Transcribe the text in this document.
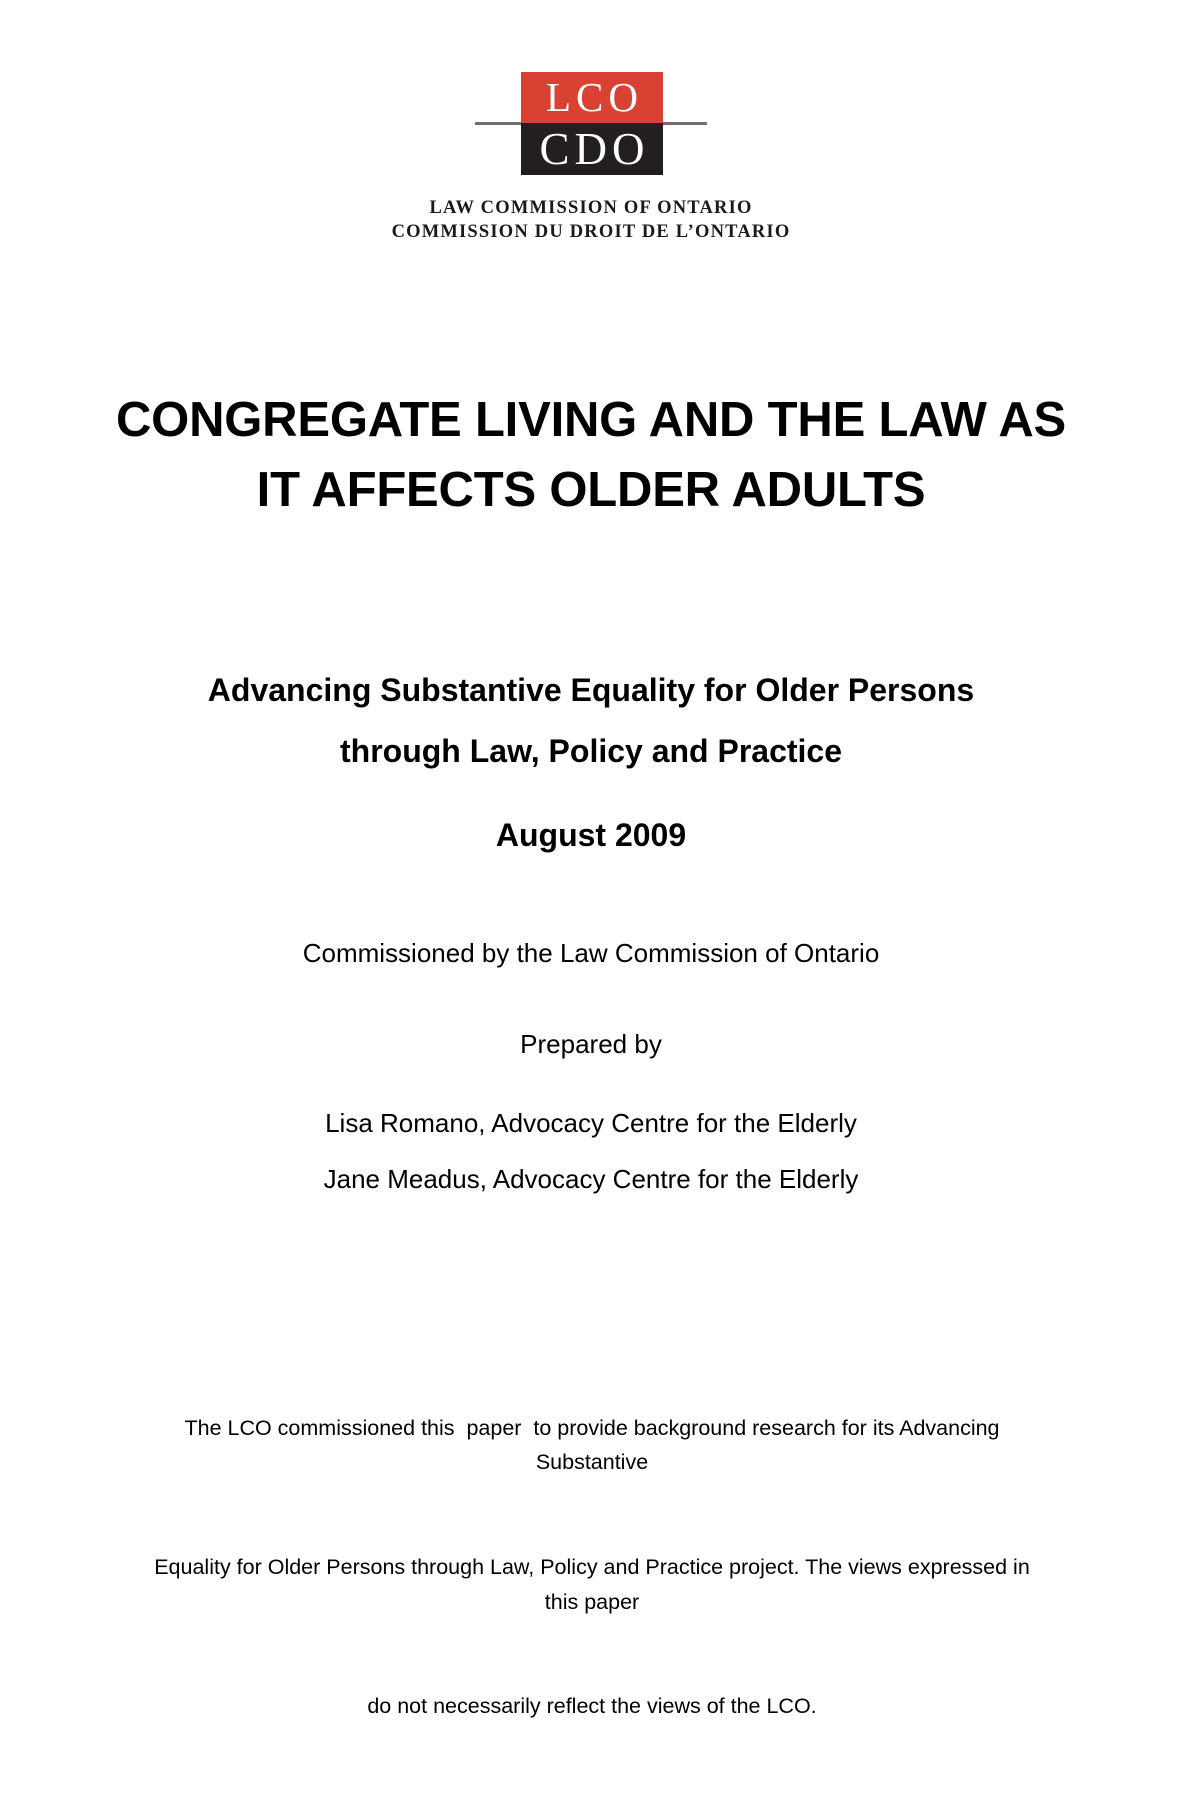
LCO
CDO
LAW COMMISSION OF ONTARIO
COMMISSION DU DROIT DE L’ONTARIO
CONGREGATE LIVING AND THE LAW AS
IT AFFECTS OLDER ADULTS
Advancing Substantive Equality for Older Persons
through Law, Policy and Practice
August 2009
Commissioned by the Law Commission of Ontario
Prepared by
Lisa Romano, Advocacy Centre for the Elderly
Jane Meadus, Advocacy Centre for the Elderly

The LCO commissioned this  paper  to provide background research for its Advancing Substantive

Equality for Older Persons through Law, Policy and Practice project. The views expressed in this paper

do not necessarily reflect the views of the LCO.
